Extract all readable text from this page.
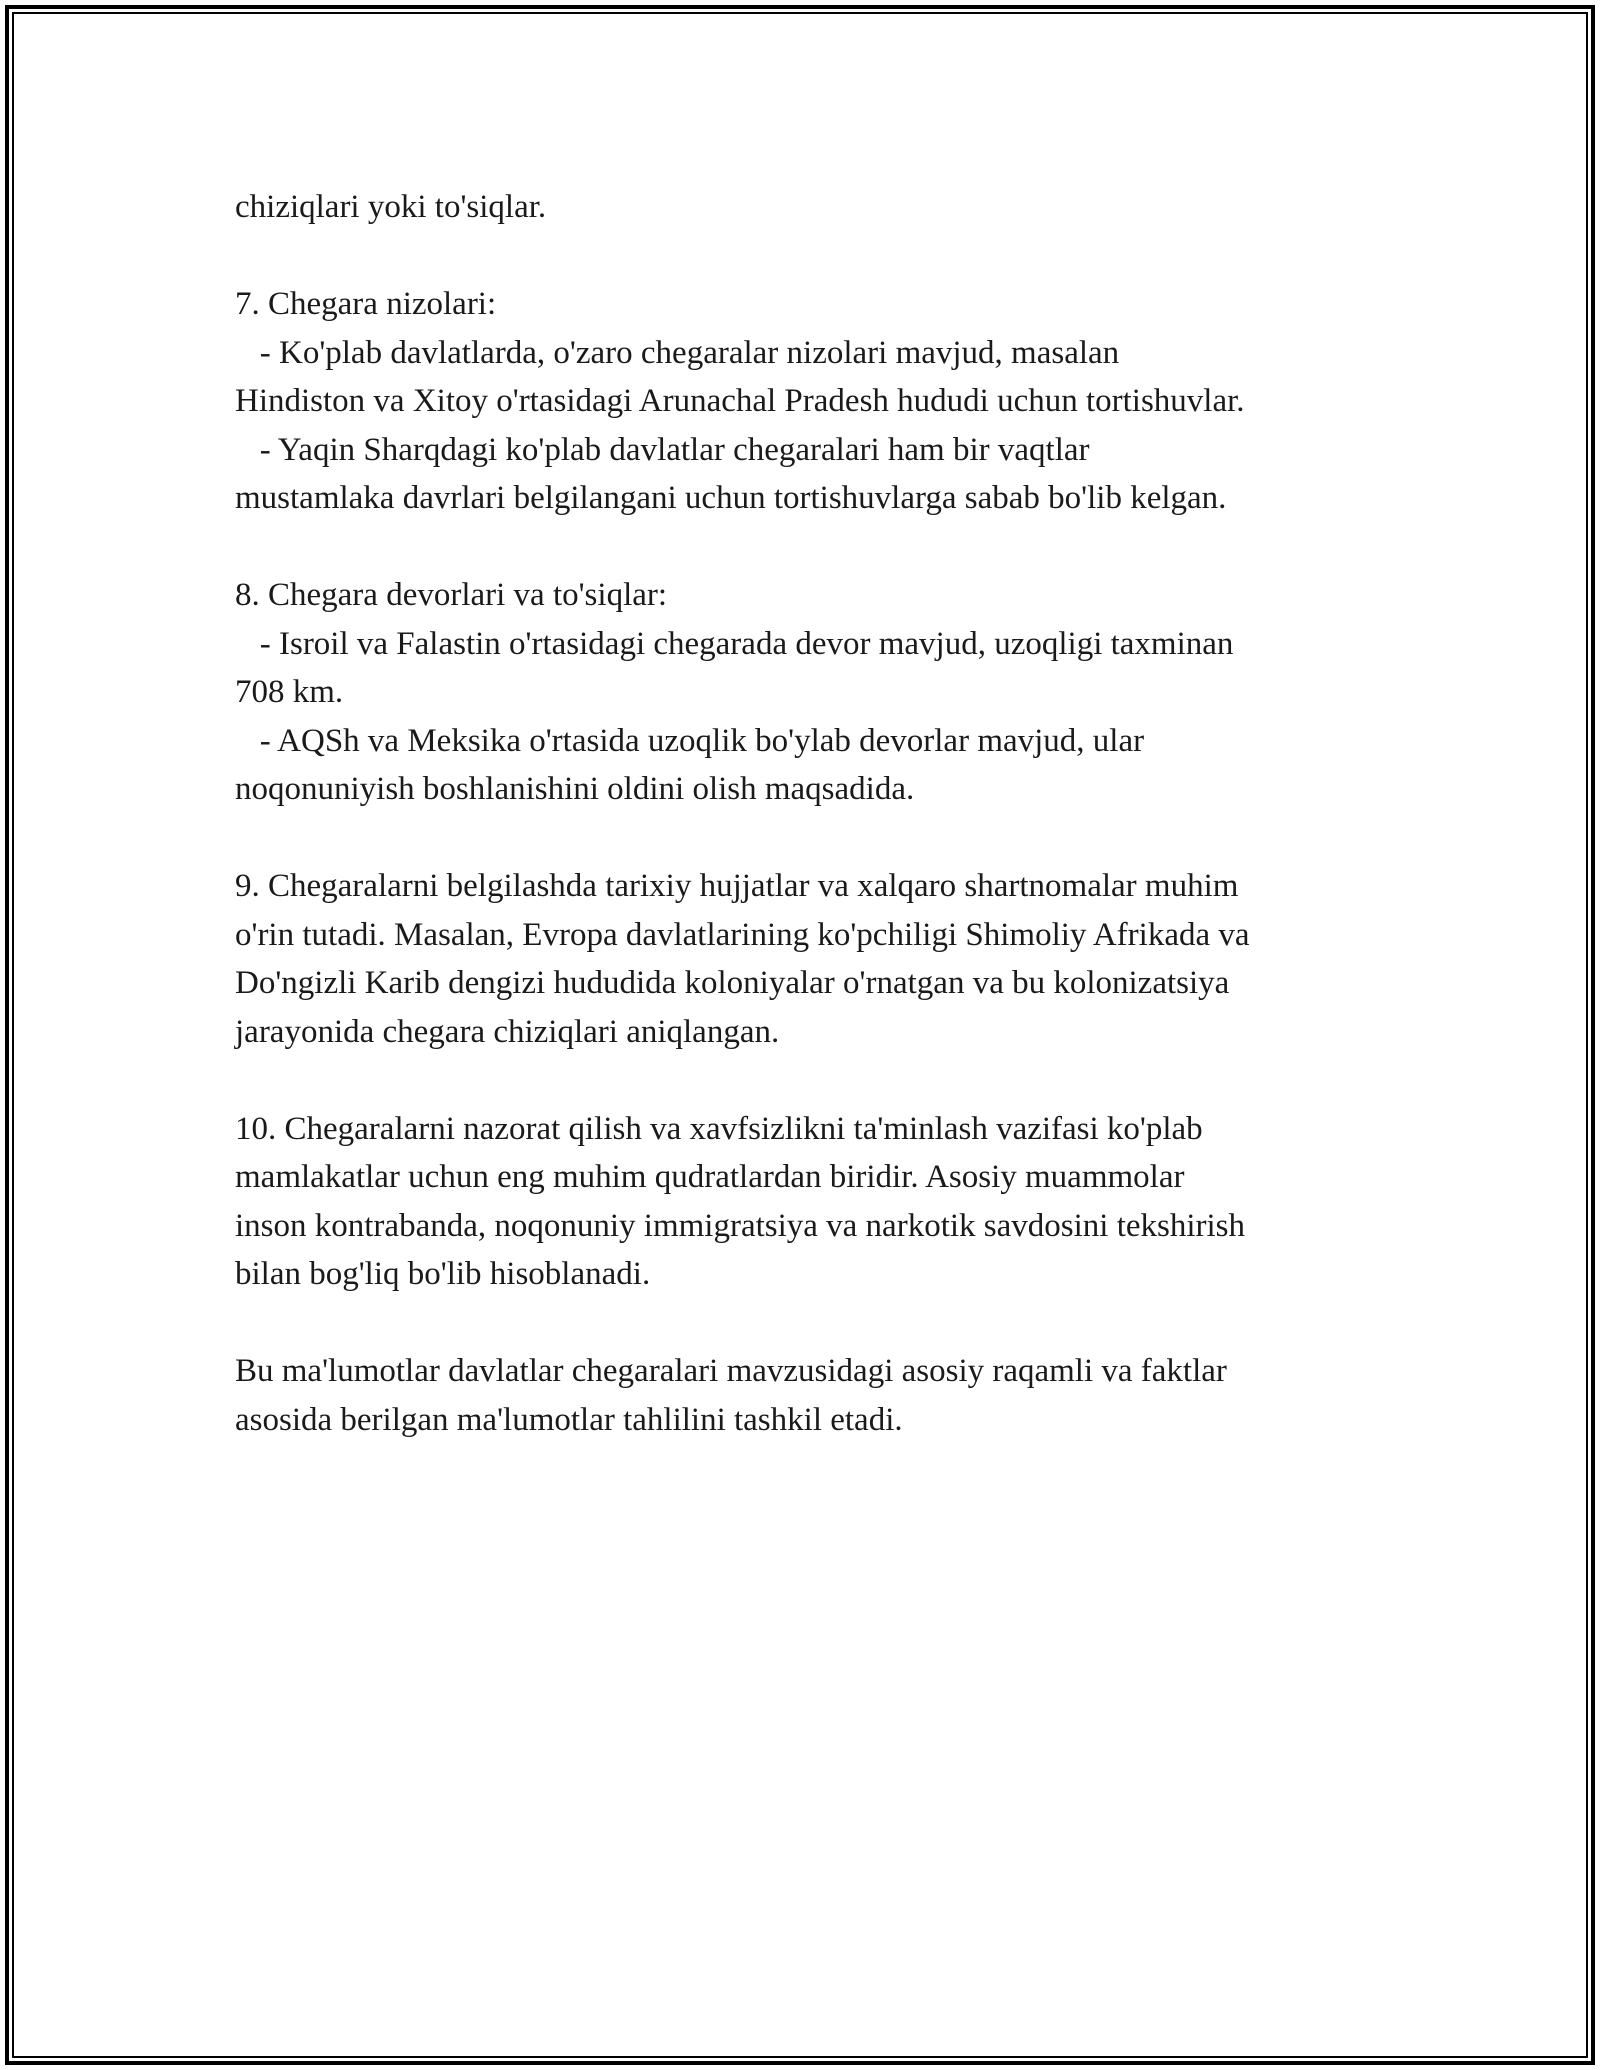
chiziqlari yoki to'siqlar.
7. Chegara nizolari:
- Ko'plab davlatlarda, o'zaro chegaralar nizolari mavjud, masalan
Hindiston va Xitoy o'rtasidagi Arunachal Pradesh hududi uchun tortishuvlar.
- Yaqin Sharqdagi ko'plab davlatlar chegaralari ham bir vaqtlar
mustamlaka davrlari belgilangani uchun tortishuvlarga sabab bo'lib kelgan.
8. Chegara devorlari va to'siqlar:
- Isroil va Falastin o'rtasidagi chegarada devor mavjud, uzoqligi taxminan
708 km.
- AQSh va Meksika o'rtasida uzoqlik bo'ylab devorlar mavjud, ular
noqonuniyish boshlanishini oldini olish maqsadida.
9. Chegaralarni belgilashda tarixiy hujjatlar va xalqaro shartnomalar muhim
o'rin tutadi. Masalan, Evropa davlatlarining ko'pchiligi Shimoliy Afrikada va
Do'ngizli Karib dengizi hududida koloniyalar o'rnatgan va bu kolonizatsiya
jarayonida chegara chiziqlari aniqlangan.
10. Chegaralarni nazorat qilish va xavfsizlikni ta'minlash vazifasi ko'plab
mamlakatlar uchun eng muhim qudratlardan biridir. Asosiy muammolar
inson kontrabanda, noqonuniy immigratsiya va narkotik savdosini tekshirish
bilan bog'liq bo'lib hisoblanadi.
Bu ma'lumotlar davlatlar chegaralari mavzusidagi asosiy raqamli va faktlar
asosida berilgan ma'lumotlar tahlilini tashkil etadi.
